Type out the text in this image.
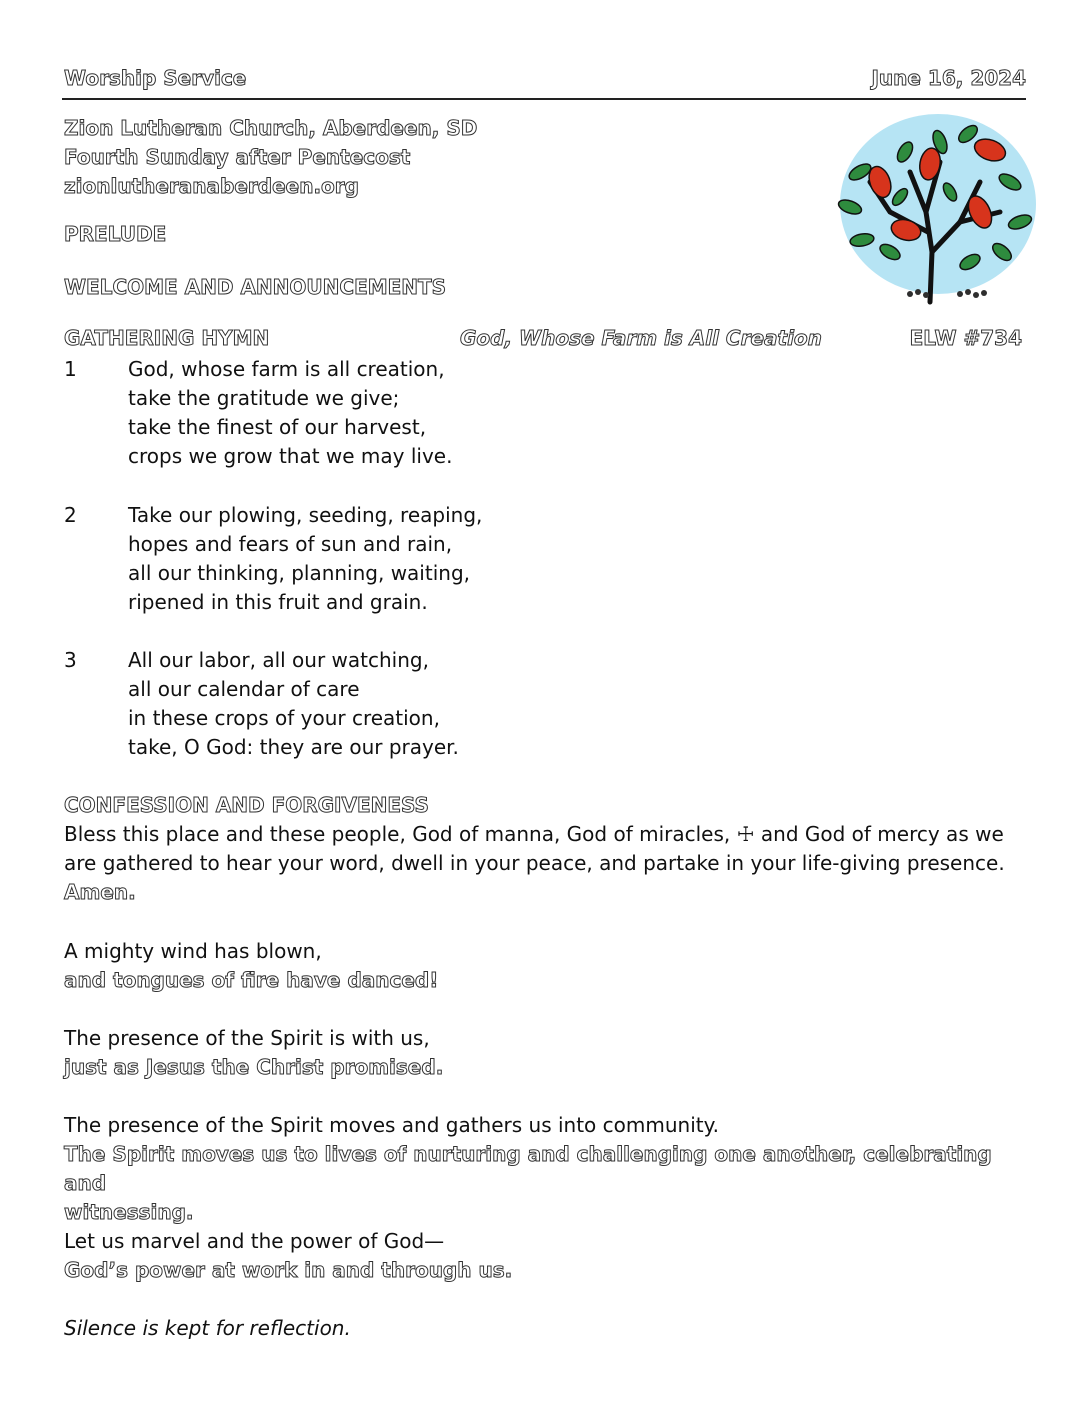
Worship Service	June 16, 2024
Zion Lutheran Church, Aberdeen, SD
Fourth Sunday after Pentecost
zionlutheranaberdeen.org
PRELUDE
WELCOME AND ANNOUNCEMENTS
GATHERING HYMN	God, Whose Farm is All Creation	ELW #734
1	God, whose farm is all creation,
take the gratitude we give;
take the finest of our harvest,
crops we grow that we may live.
2	Take our plowing, seeding, reaping,
hopes and fears of sun and rain,
all our thinking, planning, waiting,
ripened in this fruit and grain.
3	All our labor, all our watching,
all our calendar of care
in these crops of your creation,
take, O God: they are our prayer.
CONFESSION AND FORGIVENESS
Bless this place and these people, God of manna, God of miracles, ☩ and God of mercy as we
are gathered to hear your word, dwell in your peace, and partake in your life-giving presence.
Amen.
A mighty wind has blown,
and tongues of fire have danced!
The presence of the Spirit is with us,
just as Jesus the Christ promised.
The presence of the Spirit moves and gathers us into community.
The Spirit moves us to lives of nurturing and challenging one another, celebrating and
witnessing.
Let us marvel and the power of God—
God’s power at work in and through us.
Silence is kept for reflection.
